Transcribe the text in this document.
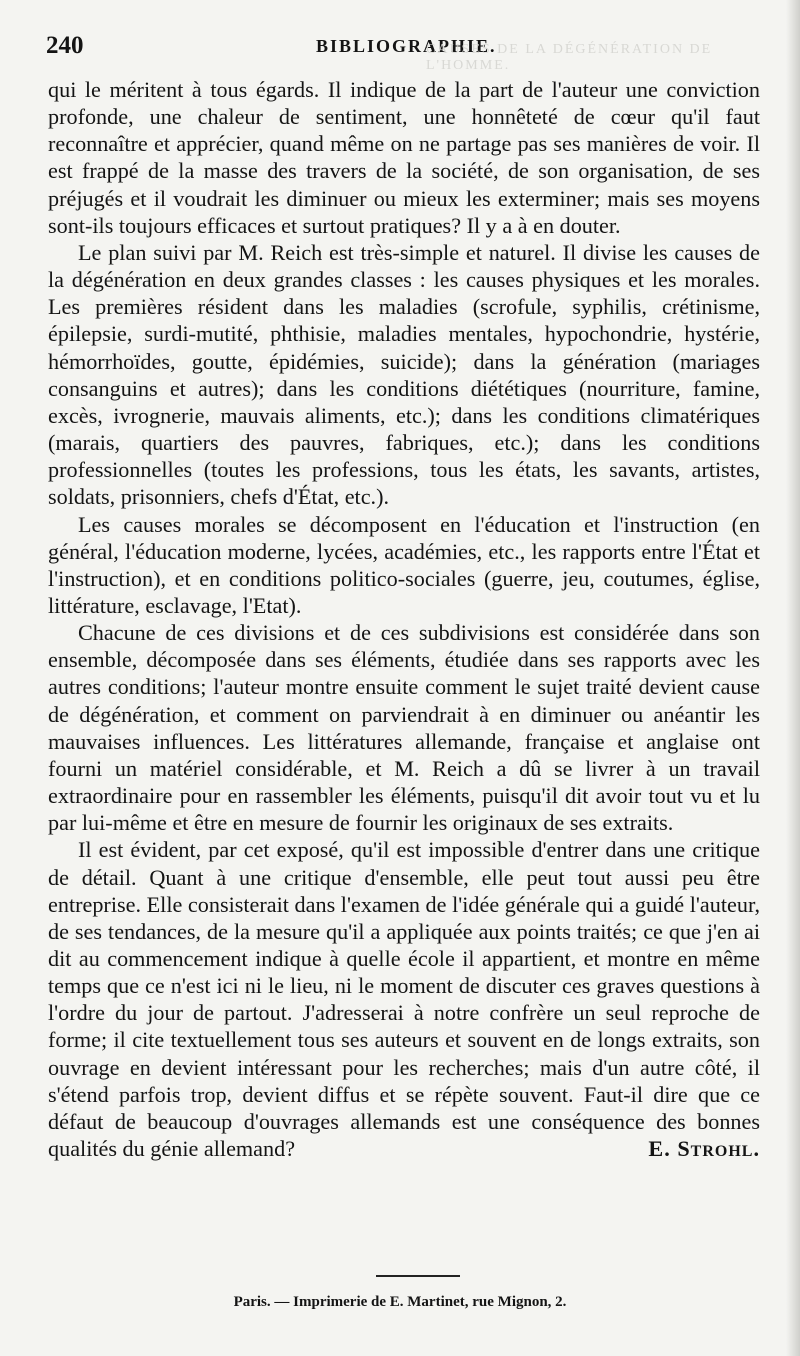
240	BIBLIOGRAPHIE.
CAUSES DE LA DÉGÉNÉRATION DE L'HOMME.

qui le méritent à tous égards. Il indique de la part de l'auteur une conviction profonde, une chaleur de sentiment, une honnêteté de cœur qu'il faut reconnaître et apprécier, quand même on ne partage pas ses manières de voir. Il est frappé de la masse des travers de la société, de son organisation, de ses préjugés et il voudrait les diminuer ou mieux les exterminer; mais ses moyens sont-ils toujours efficaces et surtout pratiques? Il y a à en douter.

Le plan suivi par M. Reich est très-simple et naturel. Il divise les causes de la dégénération en deux grandes classes : les causes physiques et les morales. Les premières résident dans les maladies (scrofule, syphilis, crétinisme, épilepsie, surdi-mutité, phthisie, maladies mentales, hypochondrie, hystérie, hémorrhoïdes, goutte, épidémies, suicide); dans la génération (mariages consanguins et autres); dans les conditions diététiques (nourriture, famine, excès, ivrognerie, mauvais aliments, etc.); dans les conditions climatériques (marais, quartiers des pauvres, fabriques, etc.); dans les conditions professionnelles (toutes les professions, tous les états, les savants, artistes, soldats, prisonniers, chefs d'État, etc.).

Les causes morales se décomposent en l'éducation et l'instruction (en général, l'éducation moderne, lycées, académies, etc., les rapports entre l'État et l'instruction), et en conditions politico-sociales (guerre, jeu, coutumes, église, littérature, esclavage, l'Etat).

Chacune de ces divisions et de ces subdivisions est considérée dans son ensemble, décomposée dans ses éléments, étudiée dans ses rapports avec les autres conditions; l'auteur montre ensuite comment le sujet traité devient cause de dégénération, et comment on parviendrait à en diminuer ou anéantir les mauvaises influences. Les littératures allemande, française et anglaise ont fourni un matériel considérable, et M. Reich a dû se livrer à un travail extraordinaire pour en rassembler les éléments, puisqu'il dit avoir tout vu et lu par lui-même et être en mesure de fournir les originaux de ses extraits.

Il est évident, par cet exposé, qu'il est impossible d'entrer dans une critique de détail. Quant à une critique d'ensemble, elle peut tout aussi peu être entreprise. Elle consisterait dans l'examen de l'idée générale qui a guidé l'auteur, de ses tendances, de la mesure qu'il a appliquée aux points traités; ce que j'en ai dit au commencement indique à quelle école il appartient, et montre en même temps que ce n'est ici ni le lieu, ni le moment de discuter ces graves questions à l'ordre du jour de partout. J'adresserai à notre confrère un seul reproche de forme; il cite textuellement tous ses auteurs et souvent en de longs extraits, son ouvrage en devient intéressant pour les recherches; mais d'un autre côté, il s'étend parfois trop, devient diffus et se répète souvent. Faut-il dire que ce défaut de beaucoup d'ouvrages allemands est une conséquence des bonnes qualités du génie allemand?	E. Strohl.

Paris. — Imprimerie de E. Martinet, rue Mignon, 2.
